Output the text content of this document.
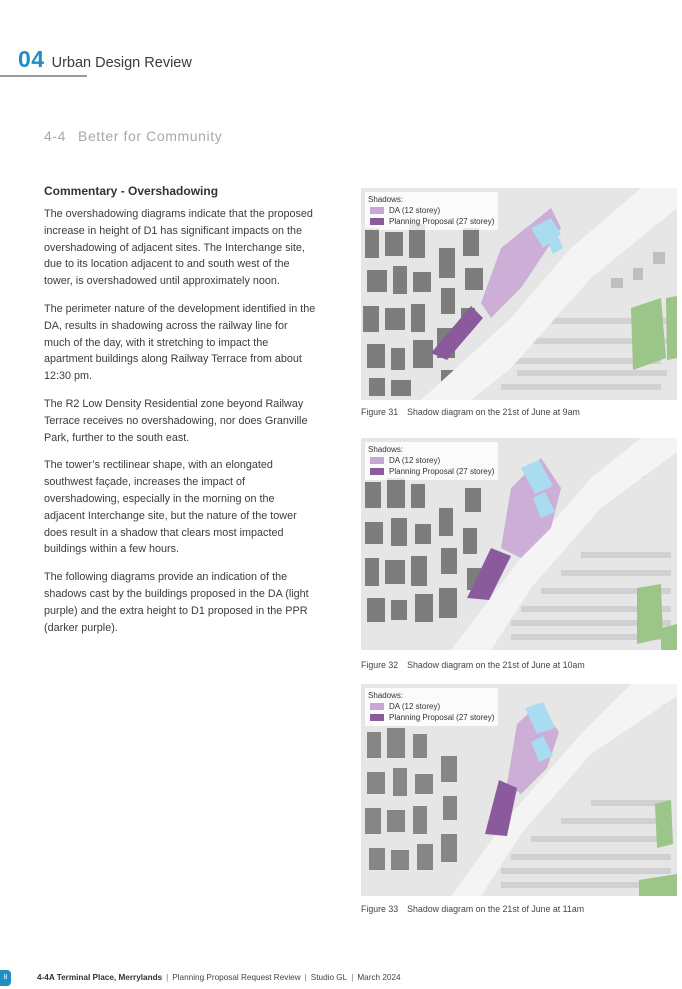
04 Urban Design Review
4-4 Better for Community
Commentary - Overshadowing

The overshadowing diagrams indicate that the proposed increase in height of D1 has significant impacts on the overshadowing of adjacent sites. The Interchange site, due to its location adjacent to and south west of the tower, is overshadowed until approximately noon.

The perimeter nature of the development identified in the DA, results in shadowing across the railway line for much of the day, with it stretching to impact the apartment buildings along Railway Terrace from about 12:30 pm.

The R2 Low Density Residential zone beyond Railway Terrace receives no overshadowing, nor does Granville Park, further to the south east.

The tower’s rectilinear shape, with an elongated southwest façade, increases the impact of overshadowing, especially in the morning on the adjacent Interchange site, but the nature of the tower does result in a shadow that clears most impacted buildings within a few hours.

The following diagrams provide an indication of the shadows cast by the buildings proposed in the DA (light purple) and the extra height to D1 proposed in the PPR (darker purple).

Shadows:
DA (12 storey)
Planning Proposal (27 storey)
Figure 31 Shadow diagram on the 21st of June at 9am
Shadows:
DA (12 storey)
Planning Proposal (27 storey)
Figure 32 Shadow diagram on the 21st of June at 10am
Shadows:
DA (12 storey)
Planning Proposal (27 storey)
Figure 33 Shadow diagram on the 21st of June at 11am
8	4-4A Terminal Place, Merrylands | Planning Proposal Request Review | Studio GL | March 2024
